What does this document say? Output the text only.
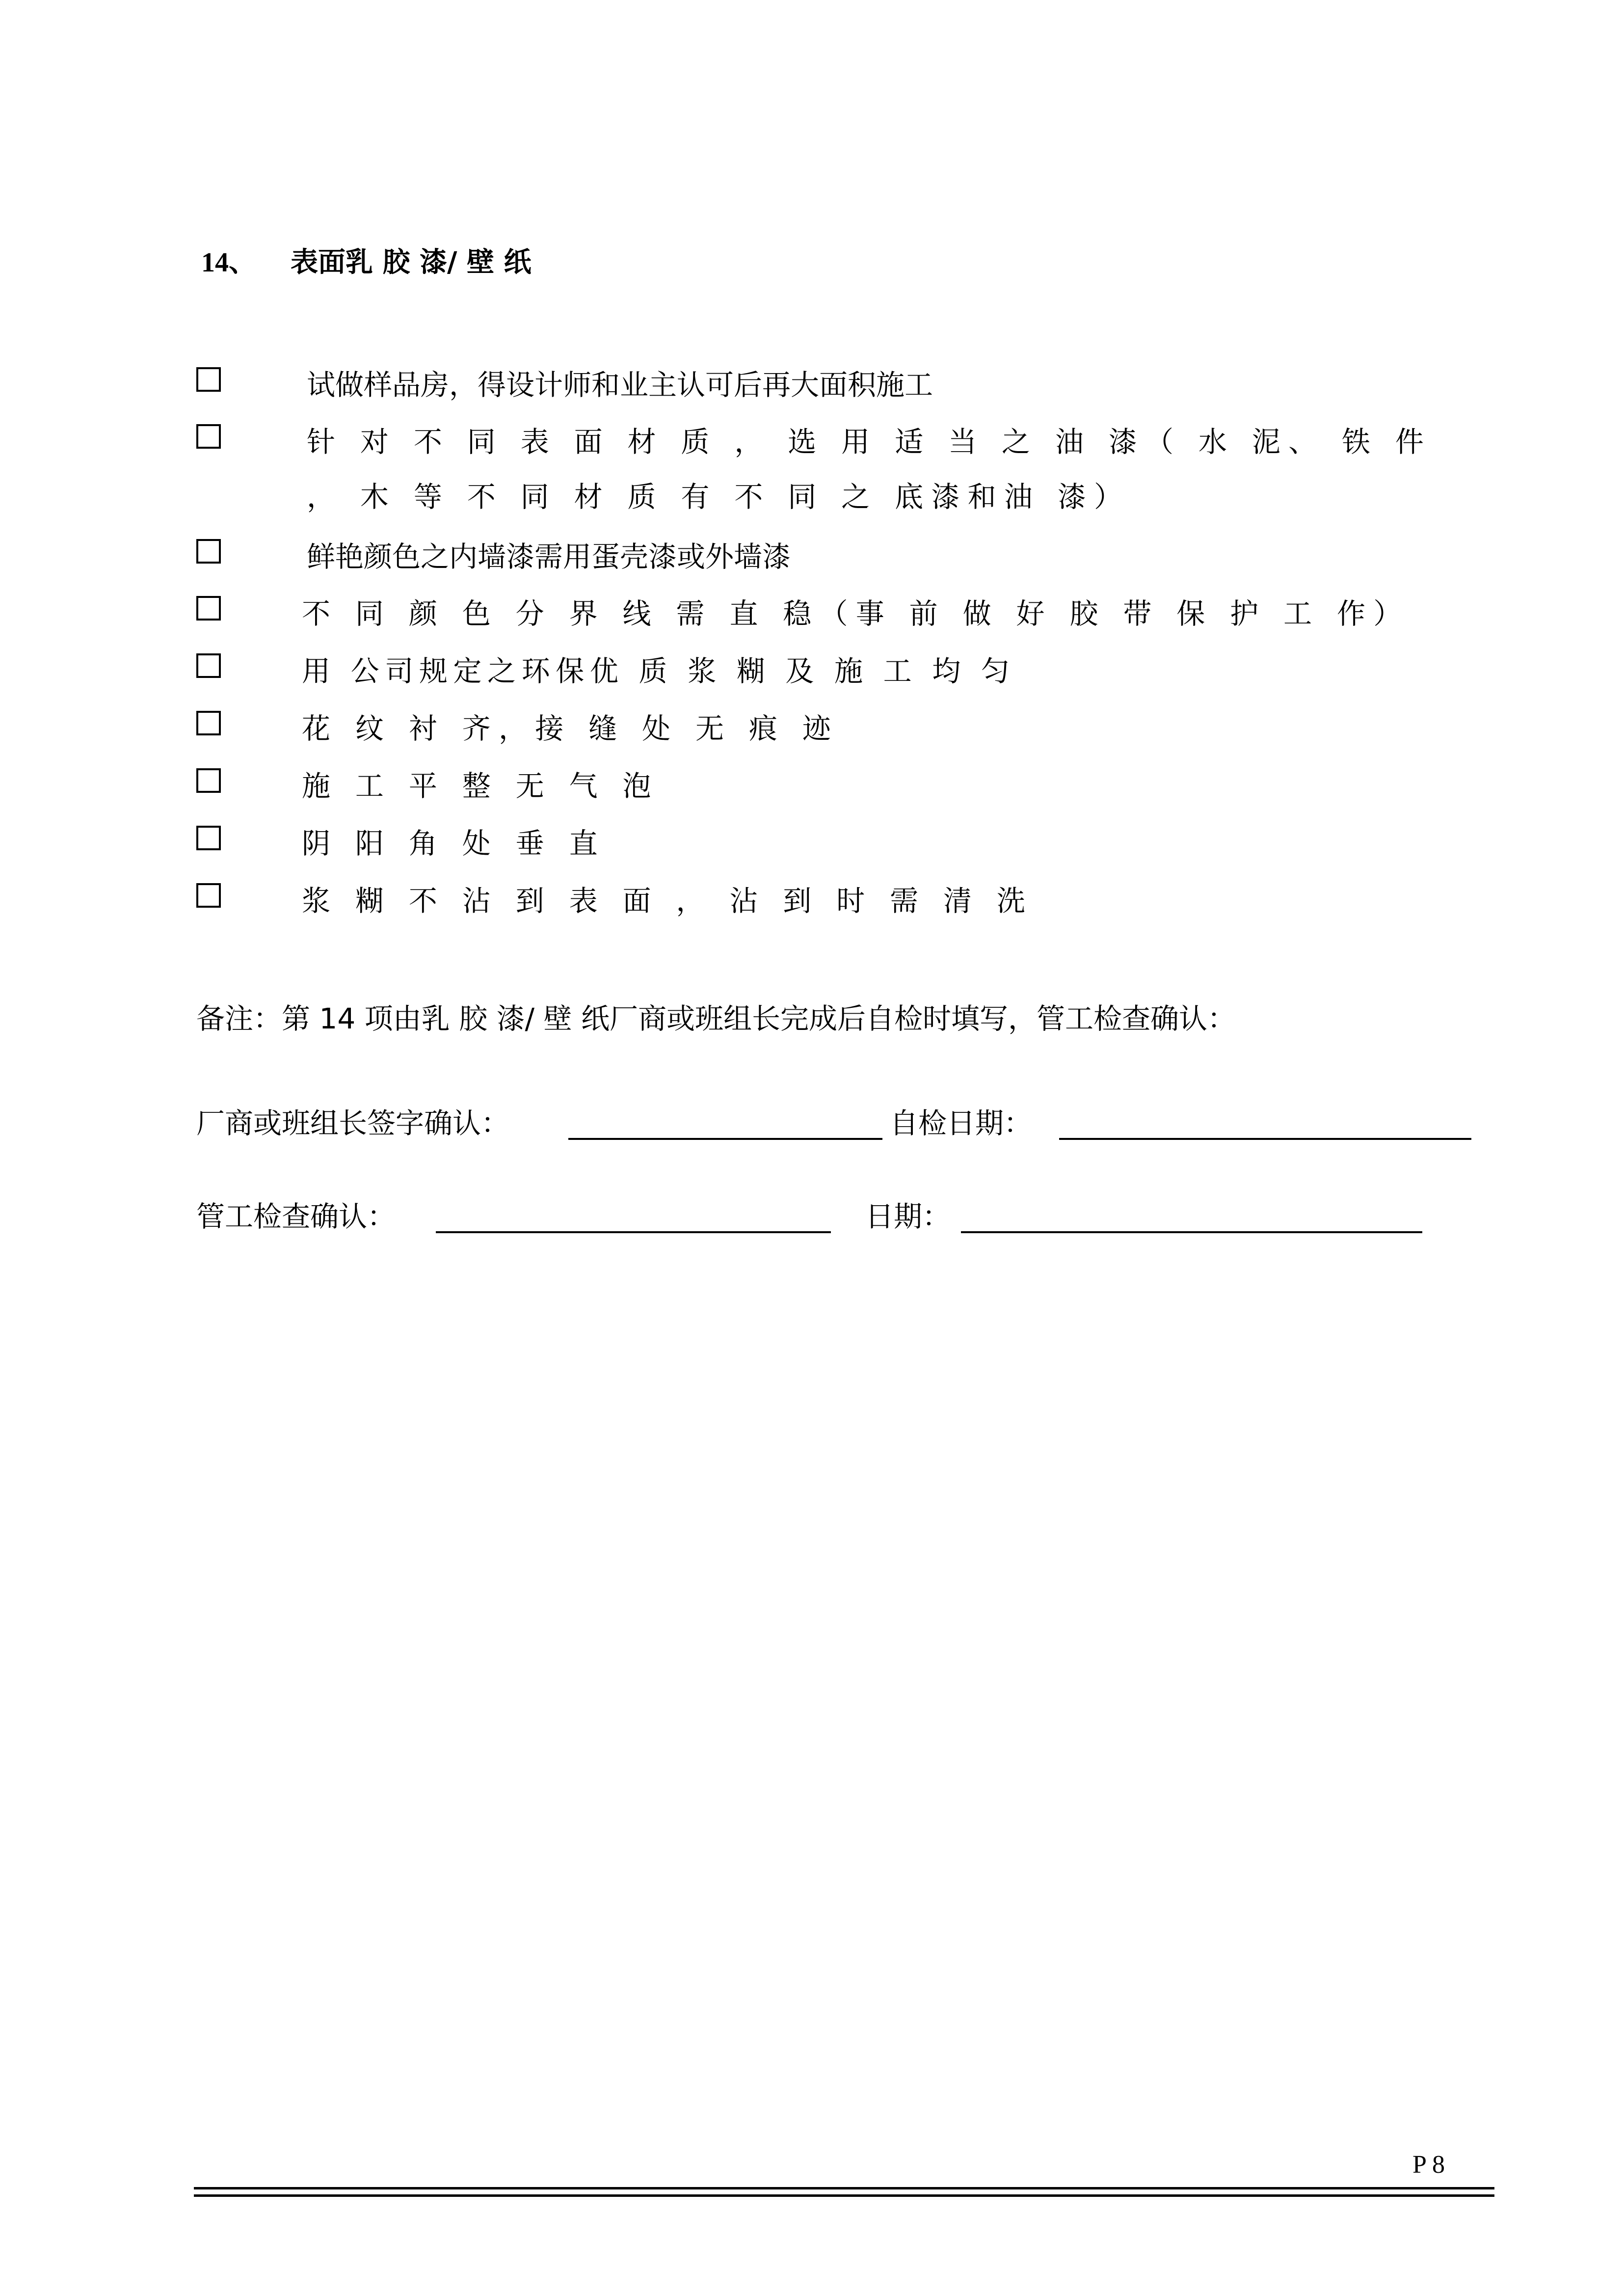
14、 表面乳 胶 漆/ 壁 纸
试做样品房，得设计师和业主认可后再大面积施工
针 对 不 同 表 面 材 质 ， 选 用 适 当 之 油 漆（ 水 泥、 铁 件 ， 木 等 不 同 材 质 有 不 同 之 底漆和油 漆）
鲜艳颜色之内墙漆需用蛋壳漆或外墙漆
不 同 颜 色 分 界 线 需 直 稳（事 前 做 好 胶 带 保 护 工 作）
用 公司规定之环保优 质 浆 糊 及 施 工 均 匀
花 纹 衬 齐，接 缝 处 无 痕 迹
施 工 平 整 无 气 泡
阴 阳 角 处 垂 直
浆 糊 不 沾 到 表 面 ， 沾 到 时 需 清 洗
备注：第 14 项由乳 胶 漆/ 壁 纸厂商或班组长完成后自检时填写，管工检查确认：
厂商或班组长签字确认：	自检日期：
管工检查确认：	日期：
P 8
